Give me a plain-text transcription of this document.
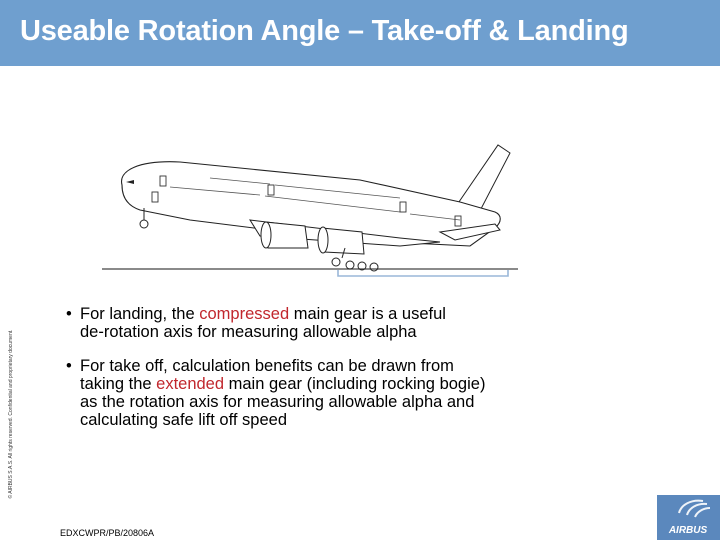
Useable Rotation Angle – Take-off & Landing
• For landing, the compressed main gear is a useful
de-rotation axis for measuring allowable alpha
• For take off, calculation benefits can be drawn from
taking the extended main gear (including rocking bogie)
as the rotation axis for measuring allowable alpha and
calculating safe lift off speed
© AIRBUS S.A.S. All rights reserved. Confidential and proprietary document.
EDXCWPR/PB/20806A	AIRBUS
